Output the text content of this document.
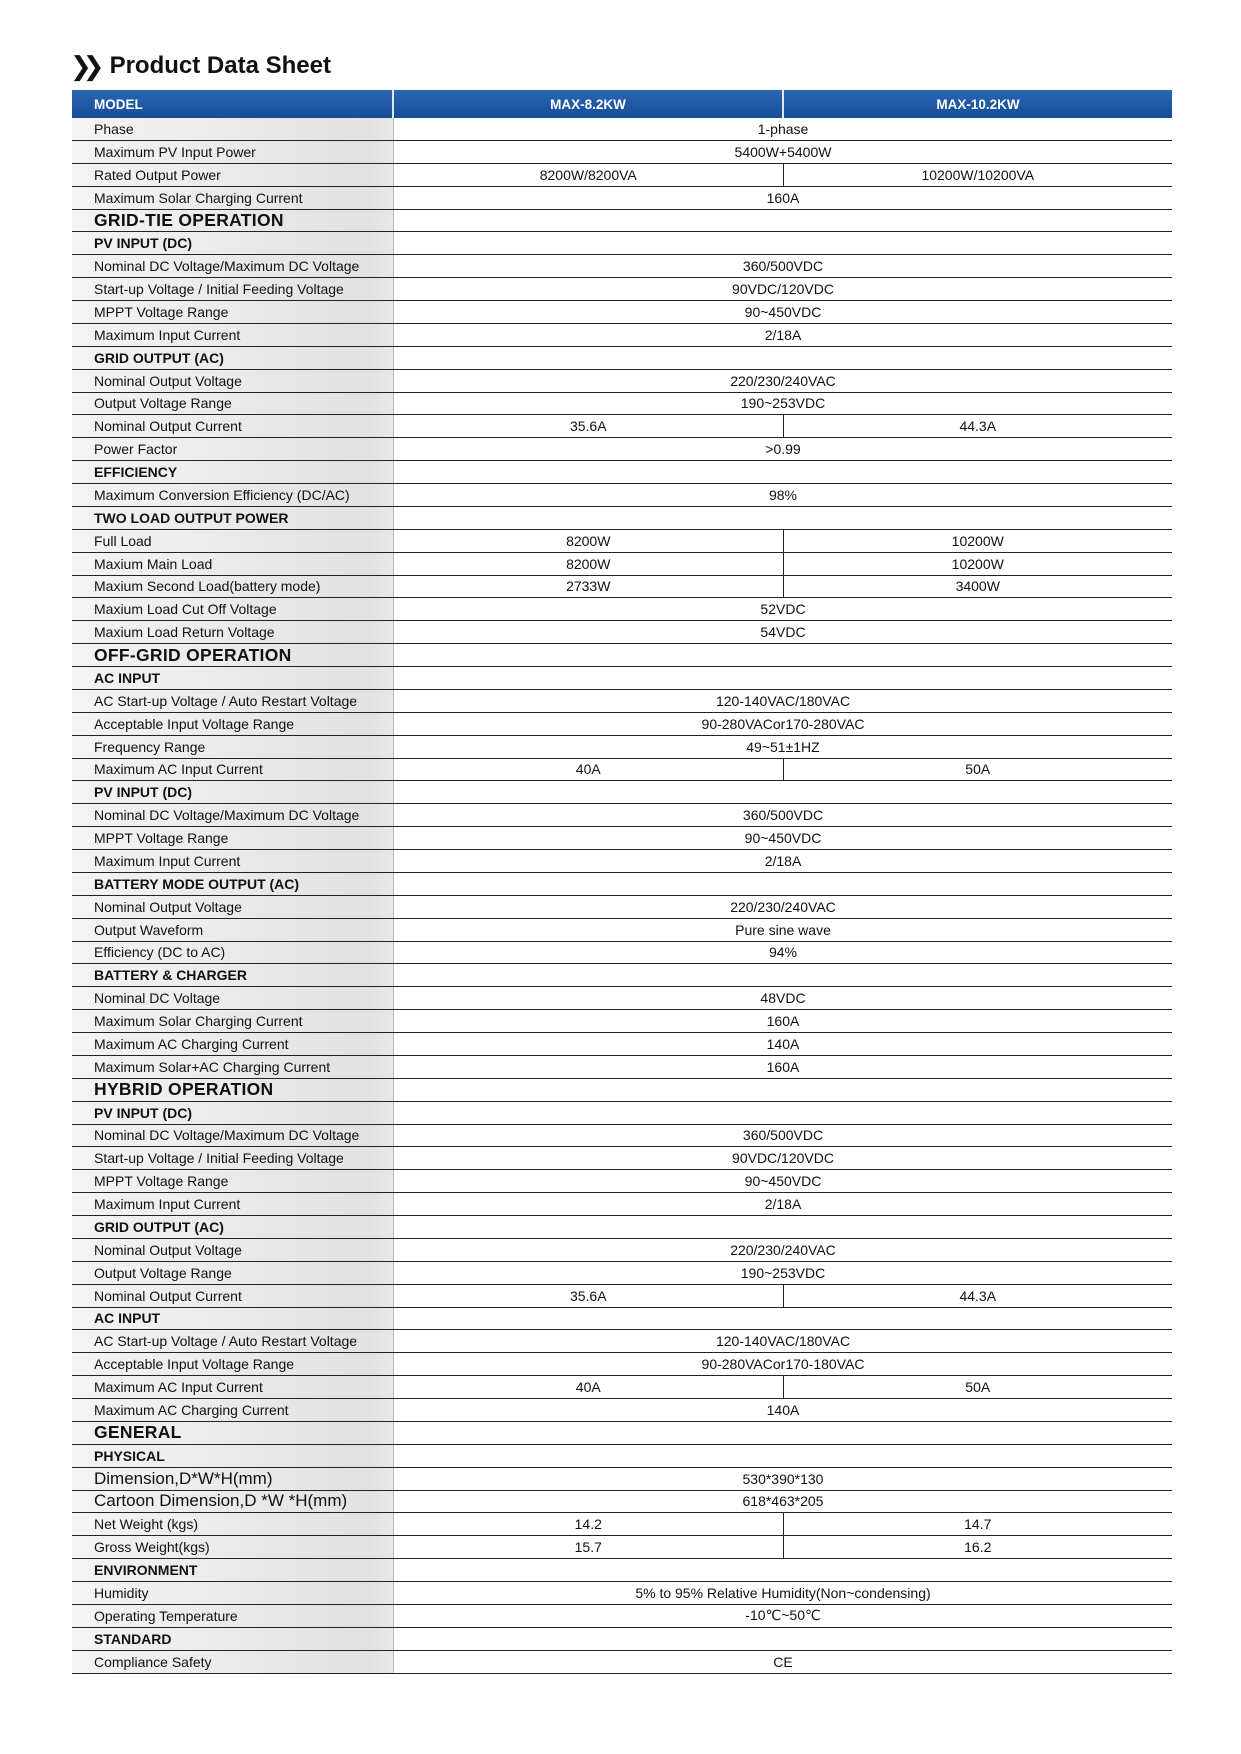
❯❯ Product Data Sheet
MODEL	MAX-8.2KW	MAX-10.2KW
Phase	1-phase
Maximum PV Input Power	5400W+5400W
Rated Output Power	8200W/8200VA	10200W/10200VA
Maximum Solar Charging Current	160A
GRID-TIE OPERATION
PV INPUT (DC)
Nominal DC Voltage/Maximum DC Voltage	360/500VDC
Start-up Voltage / Initial Feeding Voltage	90VDC/120VDC
MPPT Voltage Range	90~450VDC
Maximum Input Current	2/18A
GRID OUTPUT (AC)
Nominal Output Voltage	220/230/240VAC
Output Voltage Range	190~253VDC
Nominal Output Current	35.6A	44.3A
Power Factor	>0.99
EFFICIENCY
Maximum Conversion Efficiency (DC/AC)	98%
TWO LOAD OUTPUT POWER
Full Load	8200W	10200W
Maxium Main Load	8200W	10200W
Maxium Second Load(battery mode)	2733W	3400W
Maxium Load Cut Off Voltage	52VDC
Maxium Load Return Voltage	54VDC
OFF-GRID OPERATION
AC INPUT
AC Start-up Voltage / Auto Restart Voltage	120-140VAC/180VAC
Acceptable Input Voltage Range	90-280VACor170-280VAC
Frequency Range	49~51±1HZ
Maximum AC Input Current	40A	50A
PV INPUT (DC)
Nominal DC Voltage/Maximum DC Voltage	360/500VDC
MPPT Voltage Range	90~450VDC
Maximum Input Current	2/18A
BATTERY MODE OUTPUT (AC)
Nominal Output Voltage	220/230/240VAC
Output Waveform	Pure sine wave
Efficiency (DC to AC)	94%
BATTERY & CHARGER
Nominal DC Voltage	48VDC
Maximum Solar Charging Current	160A
Maximum AC Charging Current	140A
Maximum Solar+AC Charging Current	160A
HYBRID OPERATION
PV INPUT (DC)
Nominal DC Voltage/Maximum DC Voltage	360/500VDC
Start-up Voltage / Initial Feeding Voltage	90VDC/120VDC
MPPT Voltage Range	90~450VDC
Maximum Input Current	2/18A
GRID OUTPUT (AC)
Nominal Output Voltage	220/230/240VAC
Output Voltage Range	190~253VDC
Nominal Output Current	35.6A	44.3A
AC INPUT
AC Start-up Voltage / Auto Restart Voltage	120-140VAC/180VAC
Acceptable Input Voltage Range	90-280VACor170-180VAC
Maximum AC Input Current	40A	50A
Maximum AC Charging Current	140A
GENERAL
PHYSICAL
Dimension,D*W*H(mm)	530*390*130
Cartoon Dimension,D *W *H(mm)	618*463*205
Net Weight (kgs)	14.2	14.7
Gross Weight(kgs)	15.7	16.2
ENVIRONMENT
Humidity	5% to 95% Relative Humidity(Non~condensing)
Operating Temperature	-10℃~50℃
STANDARD
Compliance Safety	CE
